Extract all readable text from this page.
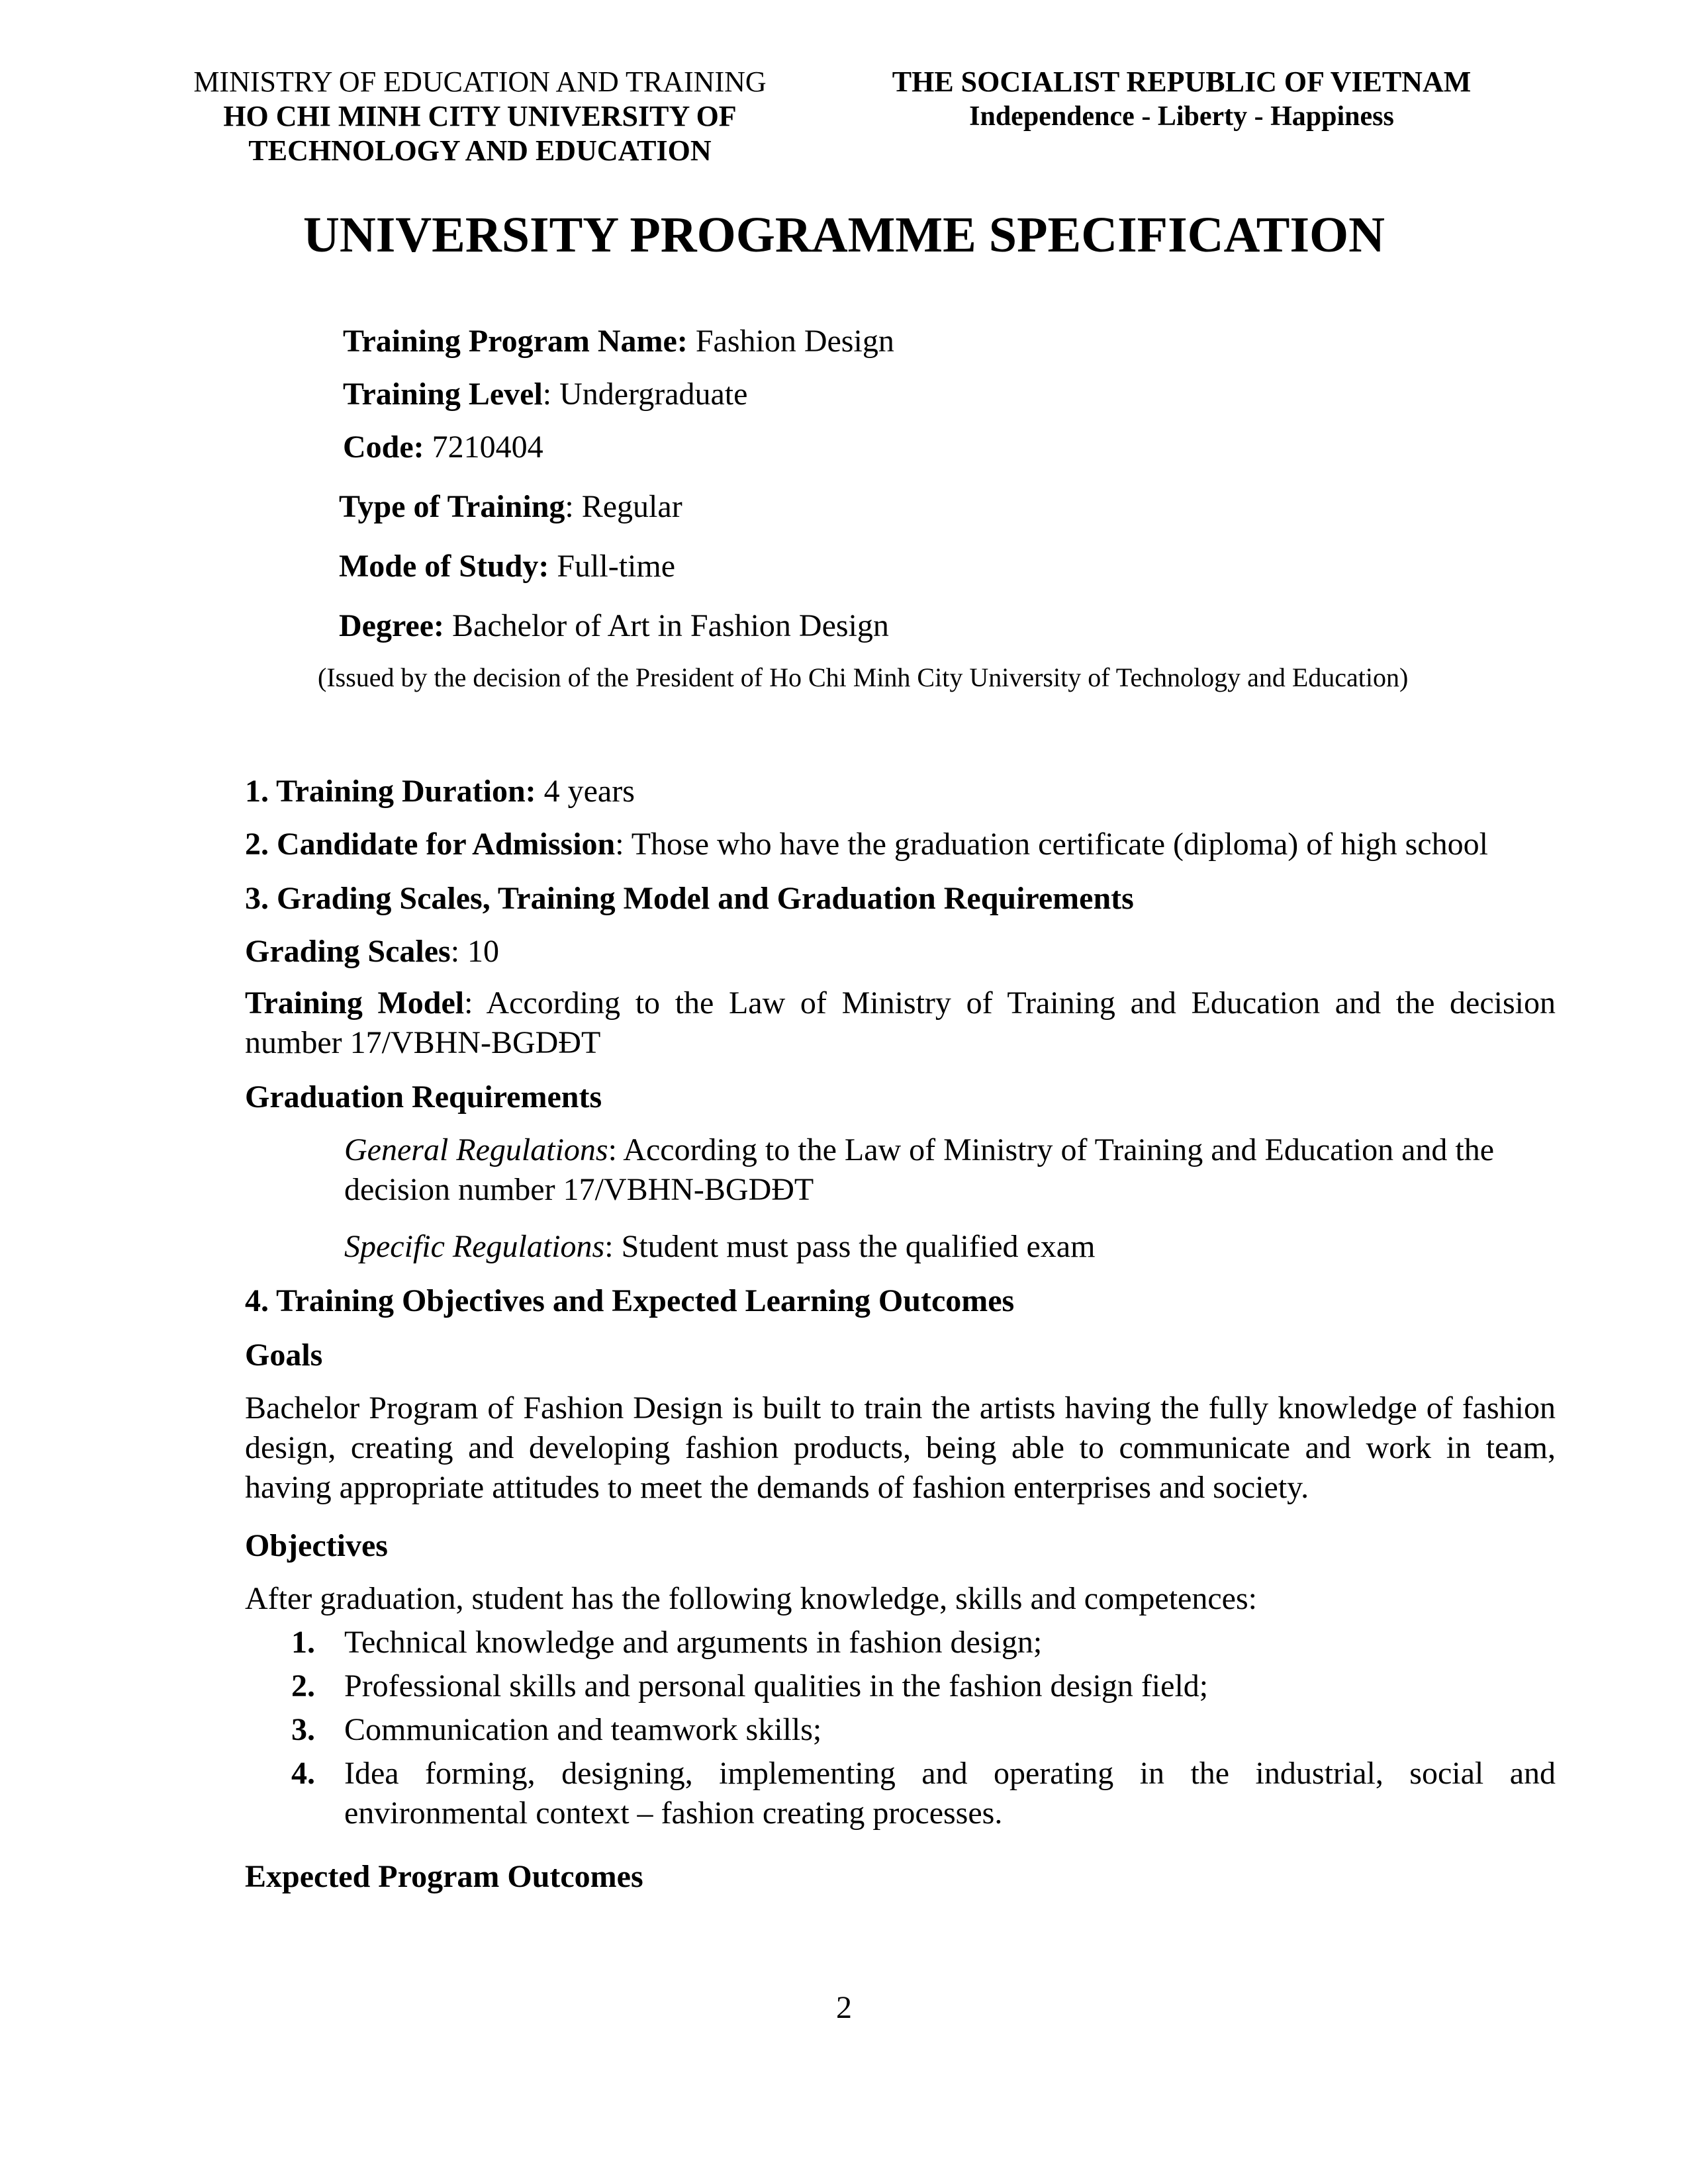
MINISTRY OF EDUCATION AND TRAINING
HO CHI MINH CITY UNIVERSITY OF
TECHNOLOGY AND EDUCATION
THE SOCIALIST REPUBLIC OF VIETNAM
Independence - Liberty - Happiness
UNIVERSITY PROGRAMME SPECIFICATION
Training Program Name: Fashion Design
Training Level: Undergraduate
Code: 7210404
Type of Training: Regular
Mode of Study: Full-time
Degree: Bachelor of Art in Fashion Design
(Issued by the decision of the President of Ho Chi Minh City University of Technology and Education)
1. Training Duration: 4 years
2. Candidate for Admission: Those who have the graduation certificate (diploma) of high school
3. Grading Scales, Training Model and Graduation Requirements
Grading Scales: 10
Training Model: According to the Law of Ministry of Training and Education and the decision number 17/VBHN-BGDĐT
Graduation Requirements
General Regulations: According to the Law of Ministry of Training and Education and the decision number 17/VBHN-BGDĐT
Specific Regulations: Student must pass the qualified exam
4. Training Objectives and Expected Learning Outcomes
Goals
Bachelor Program of Fashion Design is built to train the artists having the fully knowledge of fashion design, creating and developing fashion products, being able to communicate and work in team, having appropriate attitudes to meet the demands of fashion enterprises and society.
Objectives
After graduation, student has the following knowledge, skills and competences:
1. Technical knowledge and arguments in fashion design;
2. Professional skills and personal qualities in the fashion design field;
3. Communication and teamwork skills;
4. Idea forming, designing, implementing and operating in the industrial, social and environmental context – fashion creating processes.
Expected Program Outcomes
2
